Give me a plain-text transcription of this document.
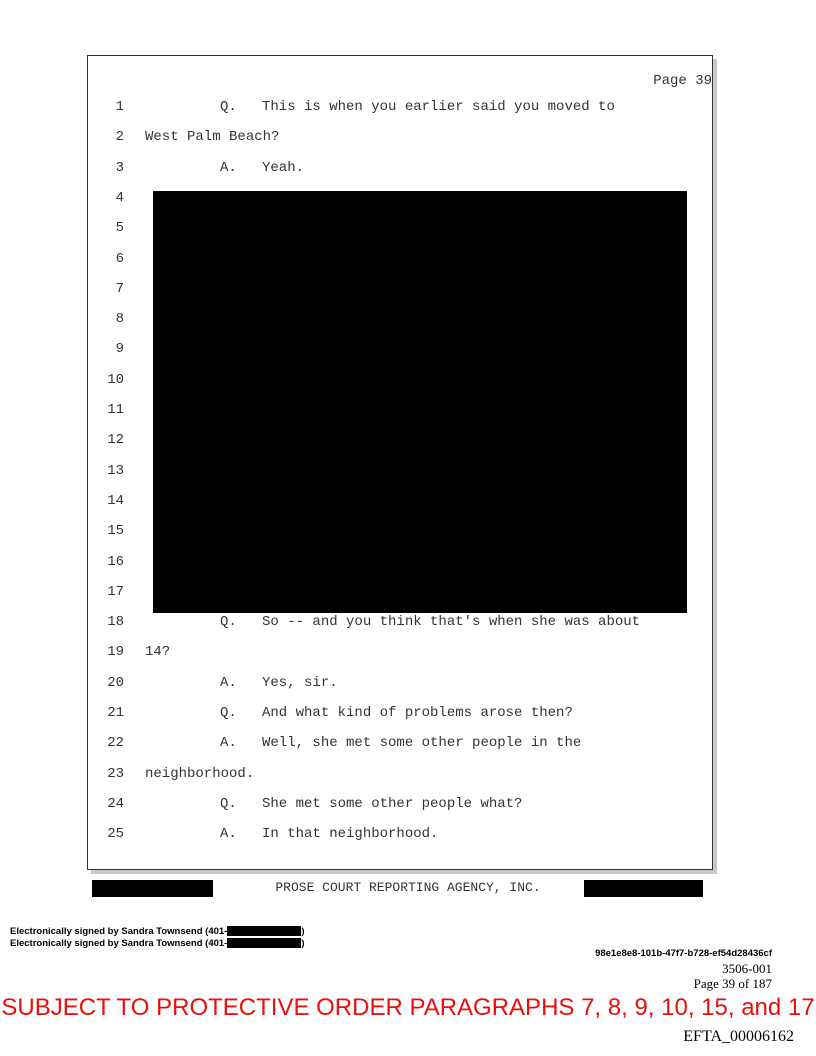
Page 39
1	Q.   This is when you earlier said you moved to
2 West Palm Beach?
3	A.   Yeah.
4
5
6
7
8
9
10
11
12
13
14
15
16
17
18	Q.   So -- and you think that's when she was about
19 14?
20	A.   Yes, sir.
21	Q.   And what kind of problems arose then?
22	A.   Well, she met some other people in the
23 neighborhood.
24	Q.   She met some other people what?
25	A.   In that neighborhood.
PROSE COURT REPORTING AGENCY, INC.
Electronically signed by Sandra Townsend (401-	)
Electronically signed by Sandra Townsend (401-	)
98e1e8e8-101b-47f7-b728-ef54d28436cf
3506-001
Page 39 of 187
SUBJECT TO PROTECTIVE ORDER PARAGRAPHS 7, 8, 9, 10, 15, and 17
EFTA_00006162
